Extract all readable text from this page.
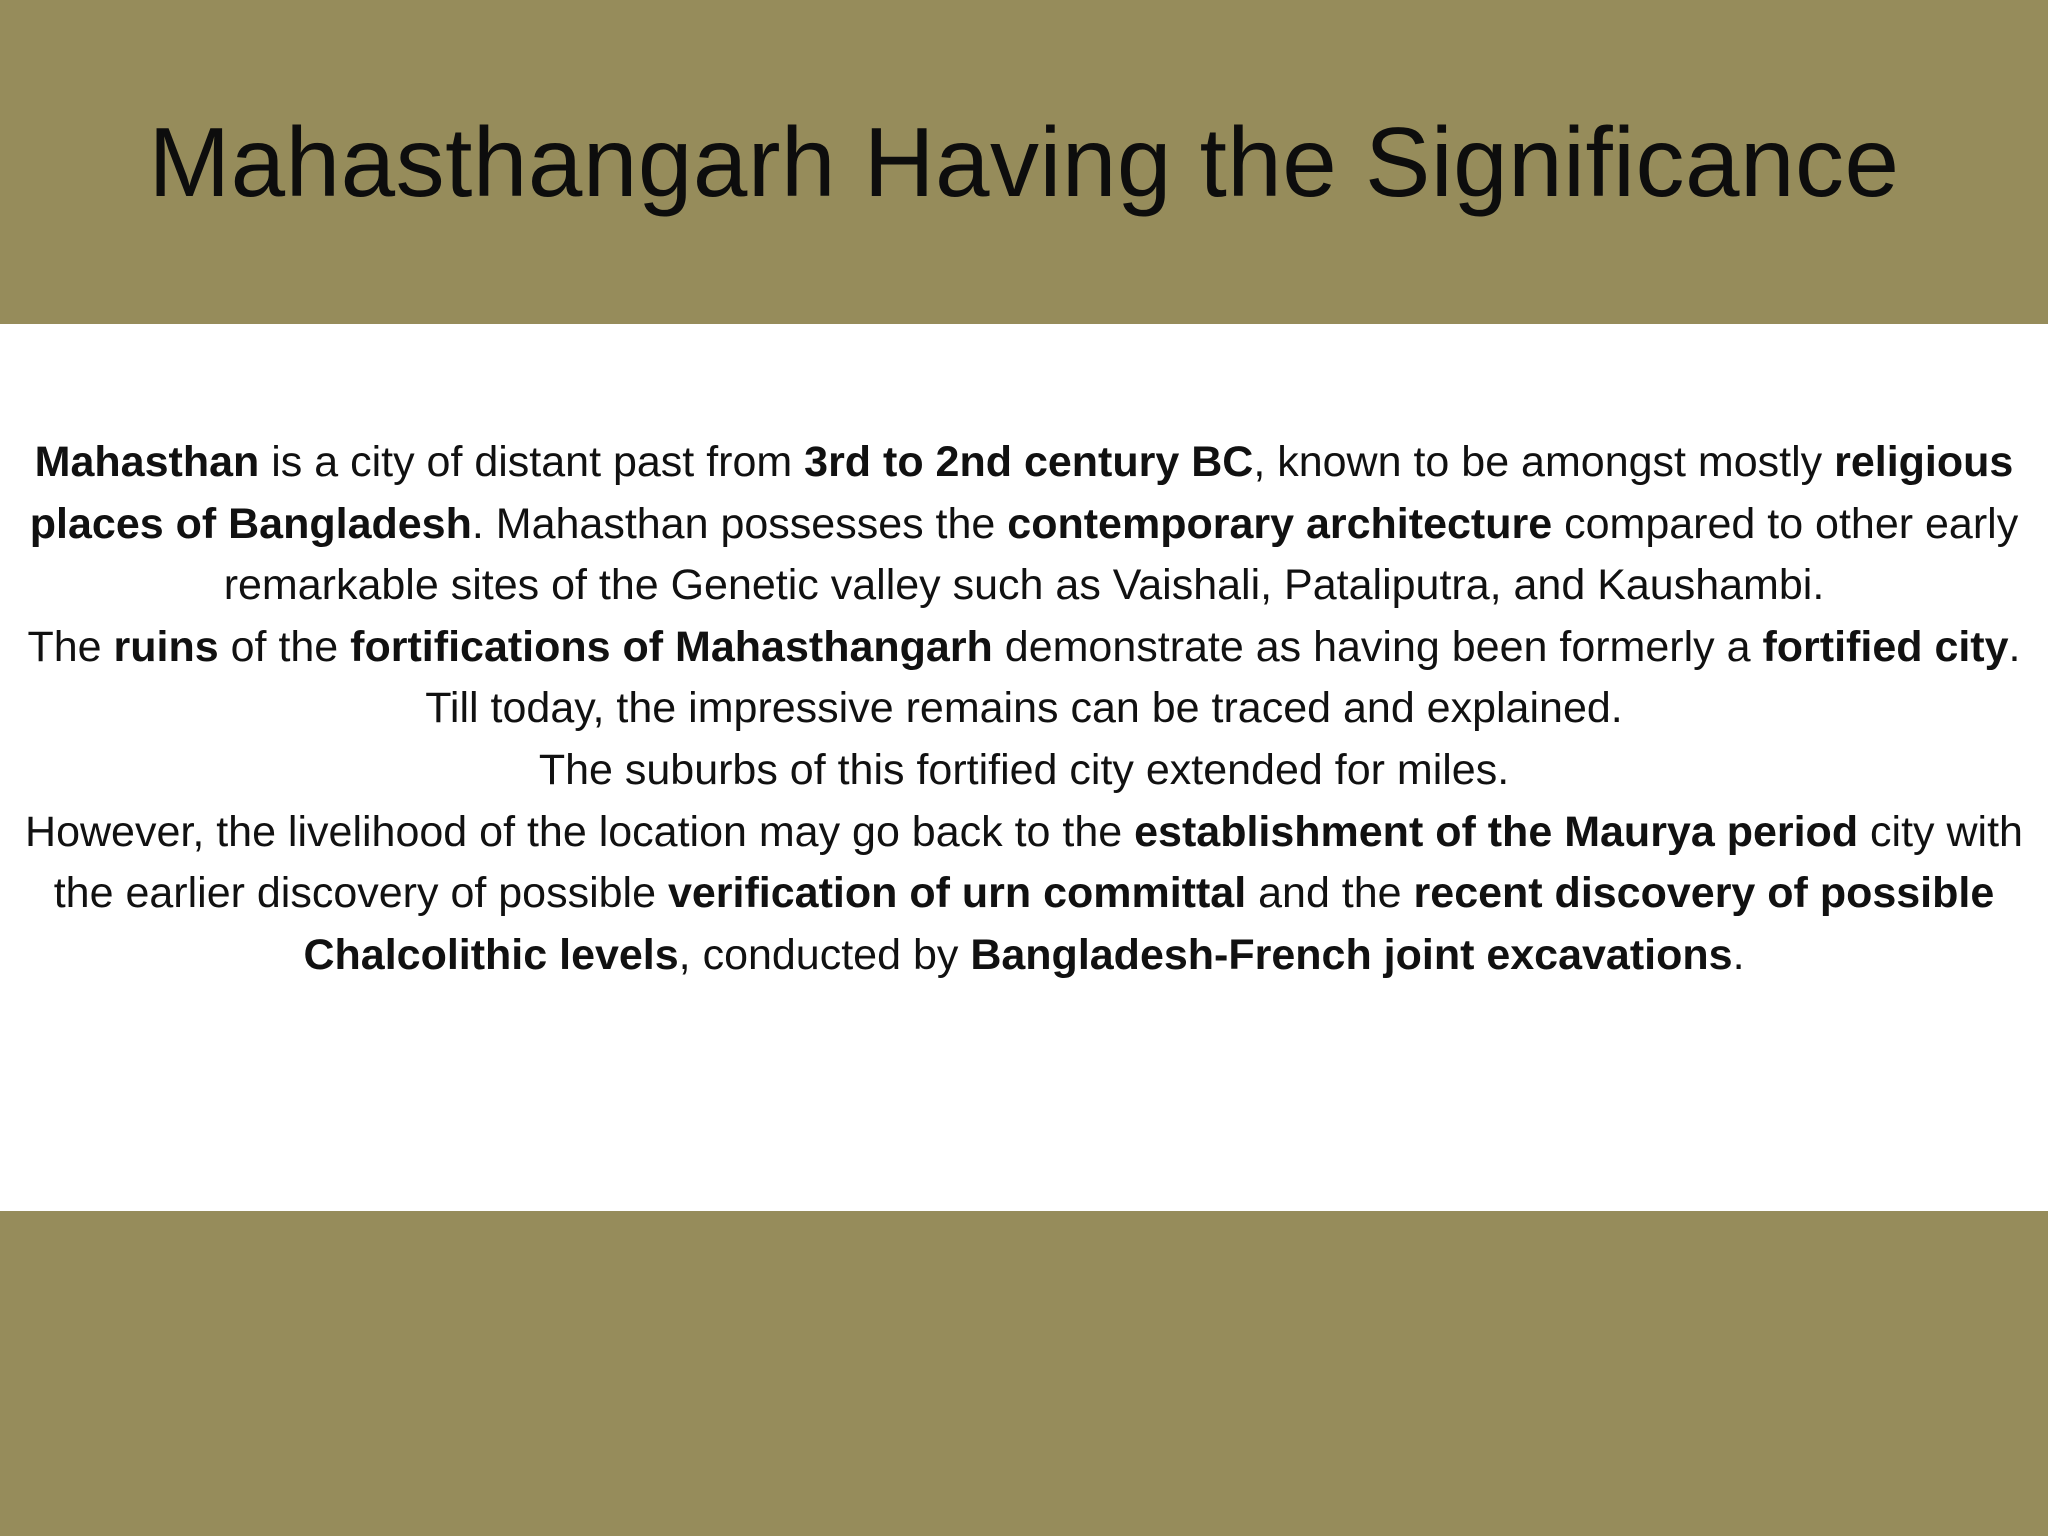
Mahasthangarh Having the Significance

Mahasthan is a city of distant past from 3rd to 2nd century BC, known to be amongst mostly religious places of Bangladesh. Mahasthan possesses the contemporary architecture compared to other early remarkable sites of the Genetic valley such as Vaishali, Pataliputra, and Kaushambi.

The ruins of the fortifications of Mahasthangarh demonstrate as having been formerly a fortified city. Till today, the impressive remains can be traced and explained.

The suburbs of this fortified city extended for miles.

However, the livelihood of the location may go back to the establishment of the Maurya period city with the earlier discovery of possible verification of urn committal and the recent discovery of possible Chalcolithic levels, conducted by Bangladesh-French joint excavations.
